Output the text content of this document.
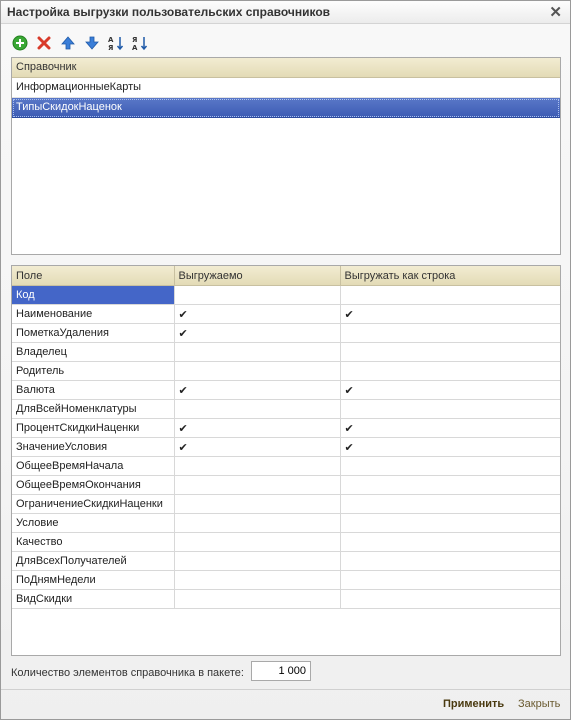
Настройка выгрузки пользовательских справочников	✕
А
Я
Я
А
Справочник
ИнформационныеКарты
ТипыСкидокНаценок
Поле	Выгружаемо	Выгружать как строка
Код		
Наименование	✔	✔
ПометкаУдаления	✔	
Владелец		
Родитель		
Валюта	✔	✔
ДляВсейНоменклатуры		
ПроцентСкидкиНаценки	✔	✔
ЗначениеУсловия	✔	✔
ОбщееВремяНачала		
ОбщееВремяОкончания		
ОграничениеСкидкиНаценки		
Условие		
Качество		
ДляВсехПолучателей		
ПоДнямНедели		
ВидСкидки		
Количество элементов справочника в пакете:
1 000
Применить Закрыть
